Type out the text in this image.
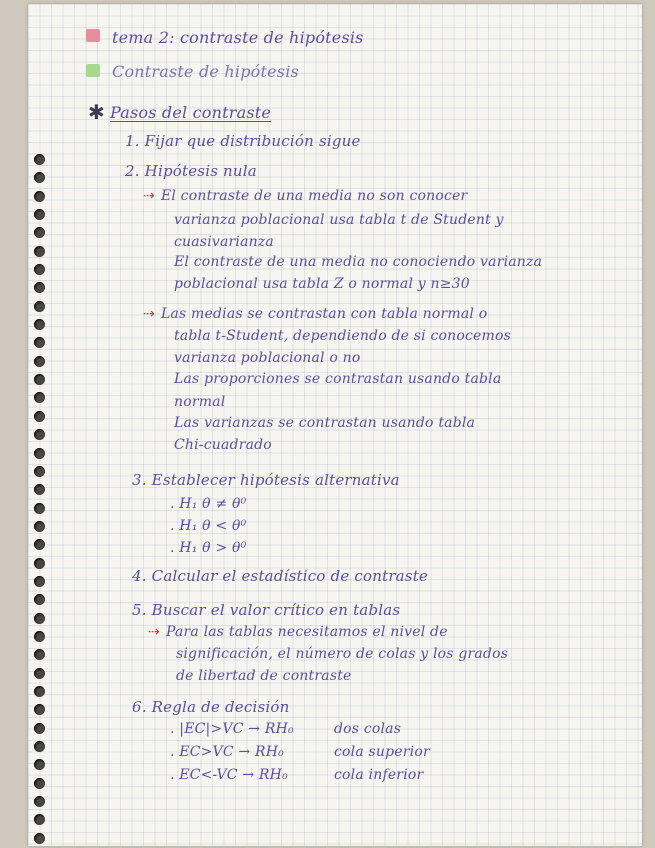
tema 2: contraste de hipótesis
Contraste de hipótesis
✱ Pasos del contraste
1. Fijar que distribución sigue
2. Hipótesis nula
⇢ El contraste de una media no son conocer
varianza poblacional usa tabla t de Student y
cuasivarianza
El contraste de una media no conociendo varianza
poblacional usa tabla Z o normal y n≥30
⇢ Las medias se contrastan con tabla normal o
tabla t-Student, dependiendo de si conocemos
varianza poblacional o no
Las proporciones se contrastan usando tabla
normal
Las varianzas se contrastan usando tabla
Chi-cuadrado
3. Establecer hipótesis alternativa
. H₁ θ ≠ θ⁰
. H₁ θ < θ⁰
. H₁ θ > θ⁰
4. Calcular el estadístico de contraste
5. Buscar el valor crítico en tablas
⇢ Para las tablas necesitamos el nivel de
significación, el número de colas y los grados
de libertad de contraste
6. Regla de decisión
. |EC|>VC → RH₀	dos colas
. EC>VC → RH₀	cola superior
. EC<-VC → RH₀	cola inferior
